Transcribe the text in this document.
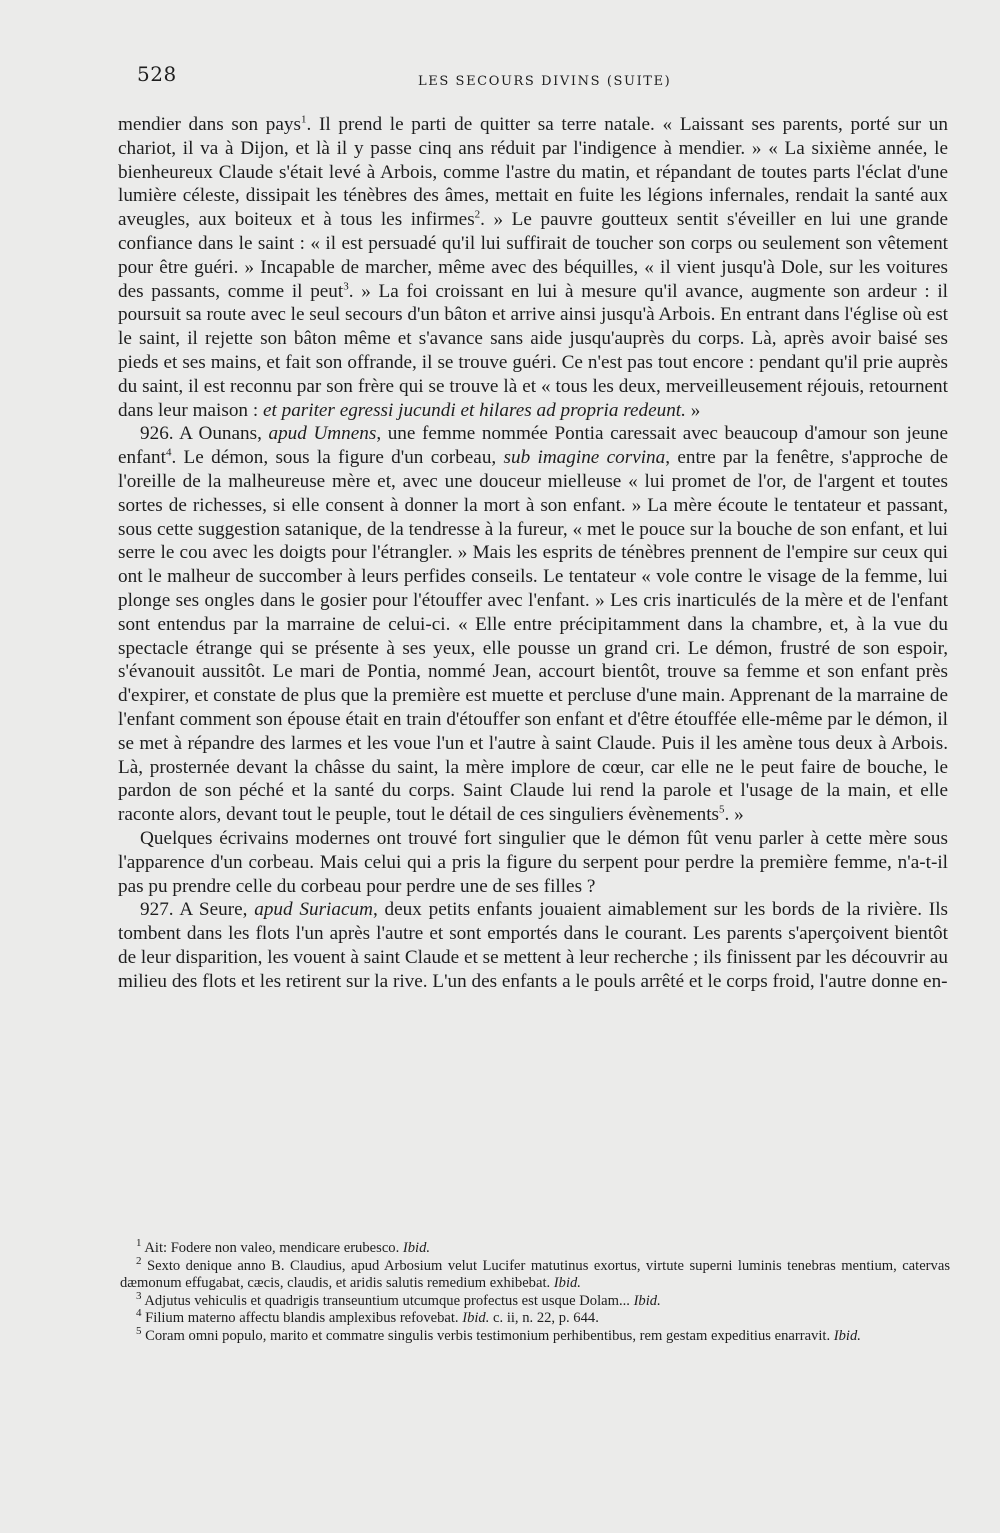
528	LES SECOURS DIVINS (SUITE)

mendier dans son pays$^1$. Il prend le parti de quitter sa terre natale. « Laissant ses parents, porté sur un chariot, il va à Dijon, et là il y passe cinq ans réduit par l'indigence à mendier. » « La sixième année, le bienheureux Claude s'était levé à Arbois, comme l'astre du matin, et répandant de toutes parts l'éclat d'une lumière céleste, dissipait les ténèbres des âmes, mettait en fuite les légions infernales, rendait la santé aux aveugles, aux boiteux et à tous les infirmes$^2$. » Le pauvre goutteux sentit s'éveiller en lui une grande confiance dans le saint : « il est persuadé qu'il lui suffirait de toucher son corps ou seulement son vêtement pour être guéri. » Incapable de marcher, même avec des béquilles, « il vient jusqu'à Dole, sur les voitures des passants, comme il peut$^3$. » La foi croissant en lui à mesure qu'il avance, augmente son ardeur : il poursuit sa route avec le seul secours d'un bâton et arrive ainsi jusqu'à Arbois. En entrant dans l'église où est le saint, il rejette son bâton même et s'avance sans aide jusqu'auprès du corps. Là, après avoir baisé ses pieds et ses mains, et fait son offrande, il se trouve guéri. Ce n'est pas tout encore : pendant qu'il prie auprès du saint, il est reconnu par son frère qui se trouve là et « tous les deux, merveilleusement réjouis, retournent dans leur maison : et pariter egressi jucundi et hilares ad propria redeunt. »

926. A Ounans, apud Umnens, une femme nommée Pontia caressait avec beaucoup d'amour son jeune enfant$^4$. Le démon, sous la figure d'un corbeau, sub imagine corvina, entre par la fenêtre, s'approche de l'oreille de la malheureuse mère et, avec une douceur mielleuse « lui promet de l'or, de l'argent et toutes sortes de richesses, si elle consent à donner la mort à son enfant. » La mère écoute le tentateur et passant, sous cette suggestion satanique, de la tendresse à la fureur, « met le pouce sur la bouche de son enfant, et lui serre le cou avec les doigts pour l'étrangler. » Mais les esprits de ténèbres prennent de l'empire sur ceux qui ont le malheur de succomber à leurs perfides conseils. Le tentateur « vole contre le visage de la femme, lui plonge ses ongles dans le gosier pour l'étouffer avec l'enfant. » Les cris inarticulés de la mère et de l'enfant sont entendus par la marraine de celui-ci. « Elle entre précipitamment dans la chambre, et, à la vue du spectacle étrange qui se présente à ses yeux, elle pousse un grand cri. Le démon, frustré de son espoir, s'évanouit aussitôt. Le mari de Pontia, nommé Jean, accourt bientôt, trouve sa femme et son enfant près d'expirer, et constate de plus que la première est muette et percluse d'une main. Apprenant de la marraine de l'enfant comment son épouse était en train d'étouffer son enfant et d'être étouffée elle-même par le démon, il se met à répandre des larmes et les voue l'un et l'autre à saint Claude. Puis il les amène tous deux à Arbois. Là, prosternée devant la châsse du saint, la mère implore de cœur, car elle ne le peut faire de bouche, le pardon de son péché et la santé du corps. Saint Claude lui rend la parole et l'usage de la main, et elle raconte alors, devant tout le peuple, tout le détail de ces singuliers évènements$^5$. »

Quelques écrivains modernes ont trouvé fort singulier que le démon fût venu parler à cette mère sous l'apparence d'un corbeau. Mais celui qui a pris la figure du serpent pour perdre la première femme, n'a-t-il pas pu prendre celle du corbeau pour perdre une de ses filles ?

927. A Seure, apud Suriacum, deux petits enfants jouaient aimablement sur les bords de la rivière. Ils tombent dans les flots l'un après l'autre et sont emportés dans le courant. Les parents s'aperçoivent bientôt de leur disparition, les vouent à saint Claude et se mettent à leur recherche ; ils finissent par les découvrir au milieu des flots et les retirent sur la rive. L'un des enfants a le pouls arrêté et le corps froid, l'autre donne en-

$^1$ Ait: Fodere non valeo, mendicare erubesco. Ibid.

$^2$ Sexto denique anno B. Claudius, apud Arbosium velut Lucifer matutinus exortus, virtute superni luminis tenebras mentium, catervas dæmonum effugabat, cæcis, claudis, et aridis salutis remedium exhibebat. Ibid.

$^3$ Adjutus vehiculis et quadrigis transeuntium utcumque profectus est usque Dolam... Ibid.

$^4$ Filium materno affectu blandis amplexibus refovebat. Ibid. c. ii, n. 22, p. 644.

$^5$ Coram omni populo, marito et commatre singulis verbis testimonium perhibentibus, rem gestam expeditius enarravit. Ibid.
